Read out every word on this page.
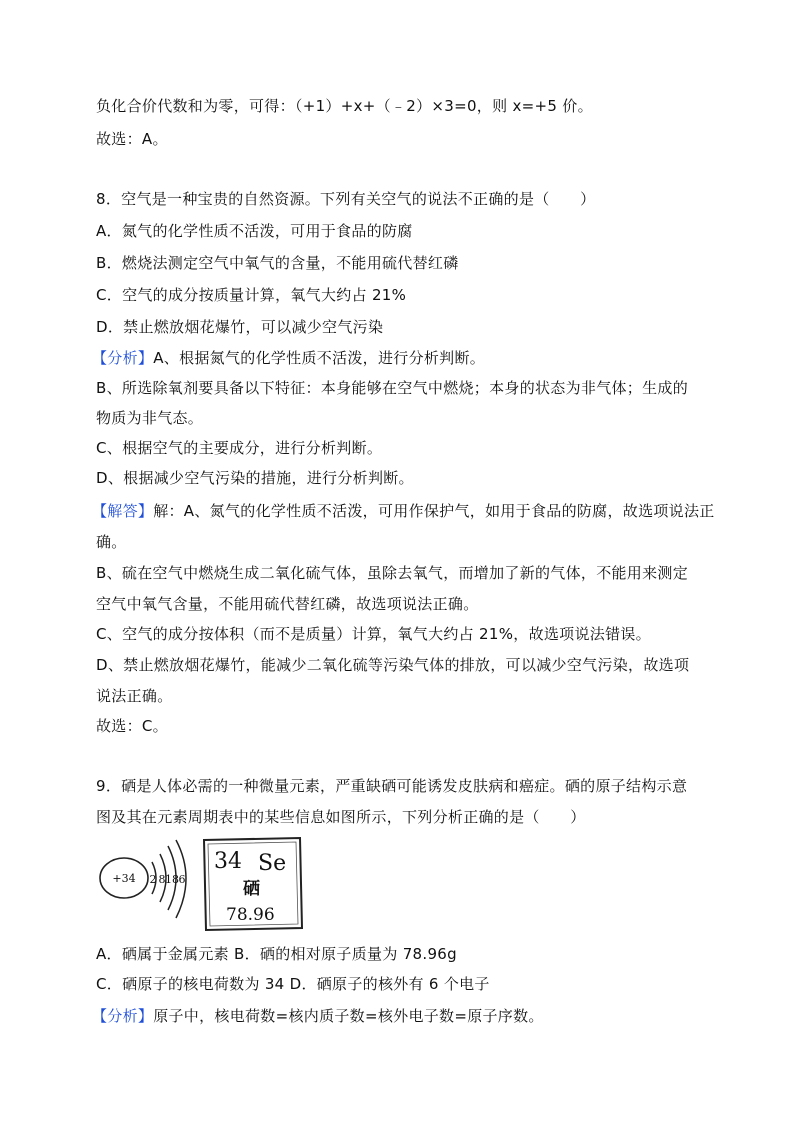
负化合价代数和为零，可得：（+1）+x+（﹣2）×3=0，则 x=+5 价。
故选：A。
8．空气是一种宝贵的自然资源。下列有关空气的说法不正确的是（　　）
A．氮气的化学性质不活泼，可用于食品的防腐
B．燃烧法测定空气中氧气的含量，不能用硫代替红磷
C．空气的成分按质量计算，氧气大约占 21%
D．禁止燃放烟花爆竹，可以减少空气污染
【分析】A、根据氮气的化学性质不活泼，进行分析判断。
B、所选除氧剂要具备以下特征：本身能够在空气中燃烧；本身的状态为非气体；生成的
物质为非气态。
C、根据空气的主要成分，进行分析判断。
D、根据减少空气污染的措施，进行分析判断。
【解答】解：A、氮气的化学性质不活泼，可用作保护气，如用于食品的防腐，故选项说法正
确。
B、硫在空气中燃烧生成二氧化硫气体，虽除去氧气，而增加了新的气体，不能用来测定
空气中氧气含量，不能用硫代替红磷，故选项说法正确。
C、空气的成分按体积（而不是质量）计算，氧气大约占 21%，故选项说法错误。
D、禁止燃放烟花爆竹，能减少二氧化硫等污染气体的排放，可以减少空气污染，故选项
说法正确。
故选：C。
9．硒是人体必需的一种微量元素，严重缺硒可能诱发皮肤病和癌症。硒的原子结构示意
图及其在元素周期表中的某些信息如图所示，下列分析正确的是（　　）
+34 2 8 18 6
34 Se
硒
78.96
A．硒属于金属元素 B．硒的相对原子质量为 78.96g
C．硒原子的核电荷数为 34 D．硒原子的核外有 6 个电子
【分析】原子中，核电荷数=核内质子数=核外电子数=原子序数。
